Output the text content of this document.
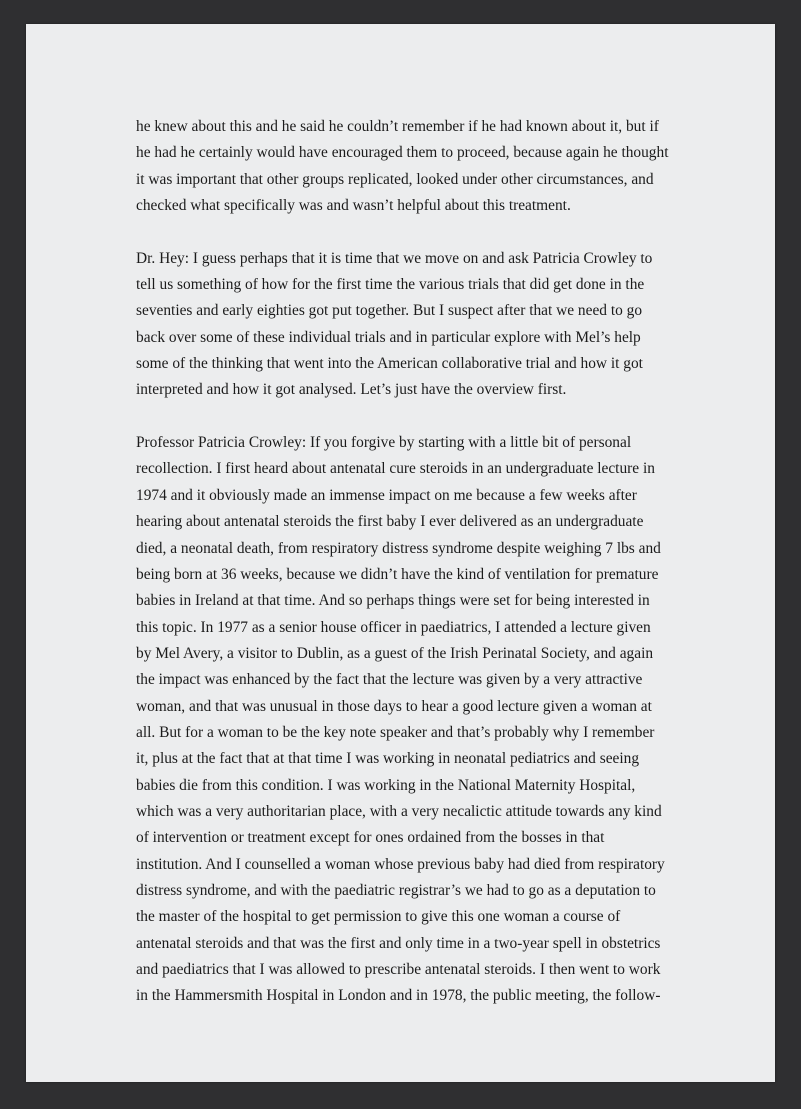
he knew about this and he said he couldn’t remember if he had known about it, but if
he had he certainly would have encouraged them to proceed, because again he thought
it was important that other groups replicated, looked under other circumstances, and
checked what specifically was and wasn’t helpful about this treatment.
Dr. Hey: I guess perhaps that it is time that we move on and ask Patricia Crowley to
tell us something of how for the first time the various trials that did get done in the
seventies and early eighties got put together. But I suspect after that we need to go
back over some of these individual trials and in particular explore with Mel’s help
some of the thinking that went into the American collaborative trial and how it got
interpreted and how it got analysed. Let’s just have the overview first.
Professor Patricia Crowley: If you forgive by starting with a little bit of personal
recollection. I first heard about antenatal cure steroids in an undergraduate lecture in
1974 and it obviously made an immense impact on me because a few weeks after
hearing about antenatal steroids the first baby I ever delivered as an undergraduate
died, a neonatal death, from respiratory distress syndrome despite weighing 7 lbs and
being born at 36 weeks, because we didn’t have the kind of ventilation for premature
babies in Ireland at that time. And so perhaps things were set for being interested in
this topic. In 1977 as a senior house officer in paediatrics, I attended a lecture given
by Mel Avery, a visitor to Dublin, as a guest of the Irish Perinatal Society, and again
the impact was enhanced by the fact that the lecture was given by a very attractive
woman, and that was unusual in those days to hear a good lecture given a woman at
all. But for a woman to be the key note speaker and that’s probably why I remember
it, plus at the fact that at that time I was working in neonatal pediatrics and seeing
babies die from this condition. I was working in the National Maternity Hospital,
which was a very authoritarian place, with a very necalictic attitude towards any kind
of intervention or treatment except for ones ordained from the bosses in that
institution. And I counselled a woman whose previous baby had died from respiratory
distress syndrome, and with the paediatric registrar’s we had to go as a deputation to
the master of the hospital to get permission to give this one woman a course of
antenatal steroids and that was the first and only time in a two-year spell in obstetrics
and paediatrics that I was allowed to prescribe antenatal steroids. I then went to work
in the Hammersmith Hospital in London and in 1978, the public meeting, the follow-
